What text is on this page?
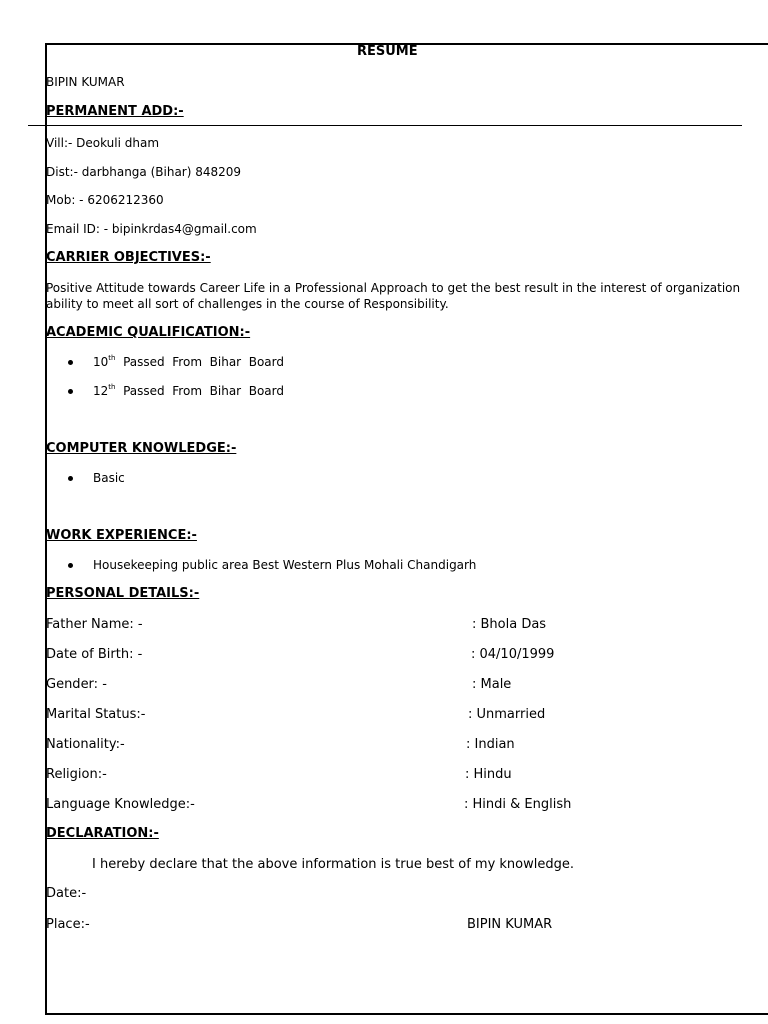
RESUME
BIPIN KUMAR
PERMANENT ADD:-
Vill:- Deokuli dham
Dist:- darbhanga (Bihar) 848209
Mob: - 6206212360
Email ID: - bipinkrdas4@gmail.com
CARRIER OBJECTIVES:-
Positive Attitude towards Career Life in a Professional Approach to get the best result in the interest of organization
ability to meet all sort of challenges in the course of Responsibility.
ACADEMIC QUALIFICATION:-
10th  Passed  From  Bihar  Board
12th  Passed  From  Bihar  Board
COMPUTER KNOWLEDGE:-
Basic
WORK EXPERIENCE:-
Housekeeping public area Best Western Plus Mohali Chandigarh
PERSONAL DETAILS:-
Father Name: -	: Bhola Das
Date of Birth: -	: 04/10/1999
Gender: -	: Male
Marital Status:-	: Unmarried
Nationality:-	: Indian
Religion:-	: Hindu
Language Knowledge:-	: Hindi & English
DECLARATION:-
I hereby declare that the above information is true best of my knowledge.
Date:-
Place:-	BIPIN KUMAR
